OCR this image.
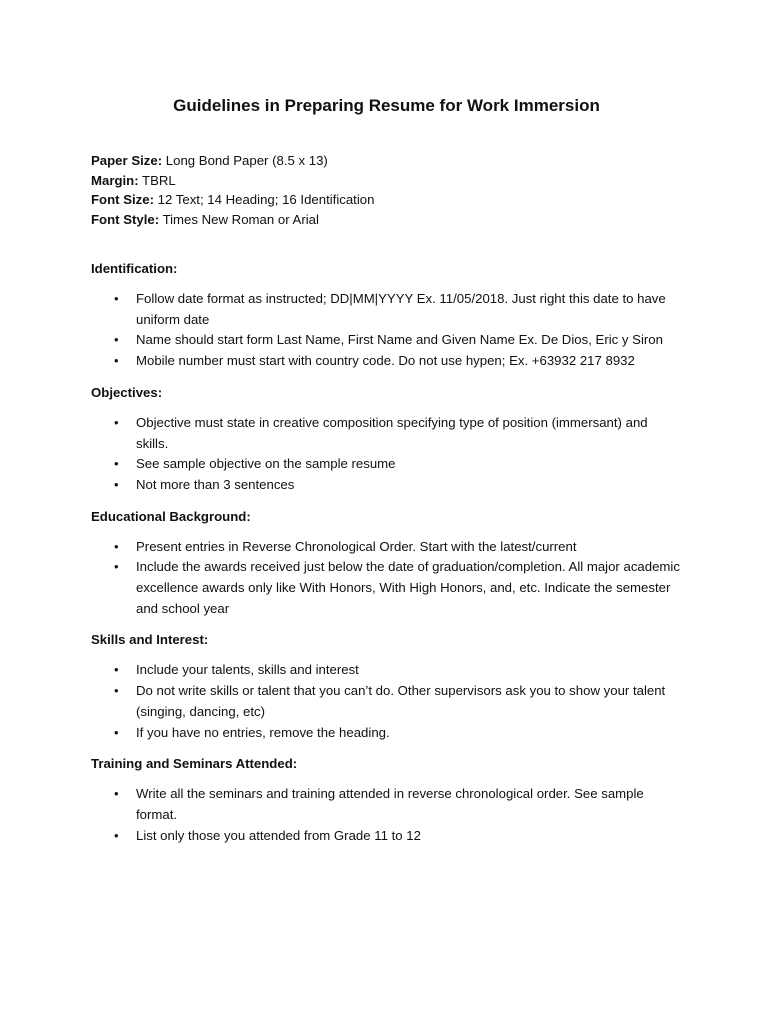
Guidelines in Preparing Resume for Work Immersion
Paper Size: Long Bond Paper (8.5 x 13)
Margin: TBRL
Font Size: 12 Text; 14 Heading; 16 Identification
Font Style: Times New Roman or Arial
Identification:
• Follow date format as instructed; DD|MM|YYYY Ex. 11/05/2018. Just right this date to have uniform date
• Name should start form Last Name, First Name and Given Name Ex. De Dios, Eric y Siron
• Mobile number must start with country code. Do not use hypen; Ex. +63932 217 8932
Objectives:
• Objective must state in creative composition specifying type of position (immersant) and skills.
• See sample objective on the sample resume
• Not more than 3 sentences
Educational Background:
• Present entries in Reverse Chronological Order. Start with the latest/current
• Include the awards received just below the date of graduation/completion. All major academic excellence awards only like With Honors, With High Honors, and, etc. Indicate the semester and school year
Skills and Interest:
• Include your talents, skills and interest
• Do not write skills or talent that you can’t do. Other supervisors ask you to show your talent (singing, dancing, etc)
• If you have no entries, remove the heading.
Training and Seminars Attended:
• Write all the seminars and training attended in reverse chronological order. See sample format.
• List only those you attended from Grade 11 to 12
